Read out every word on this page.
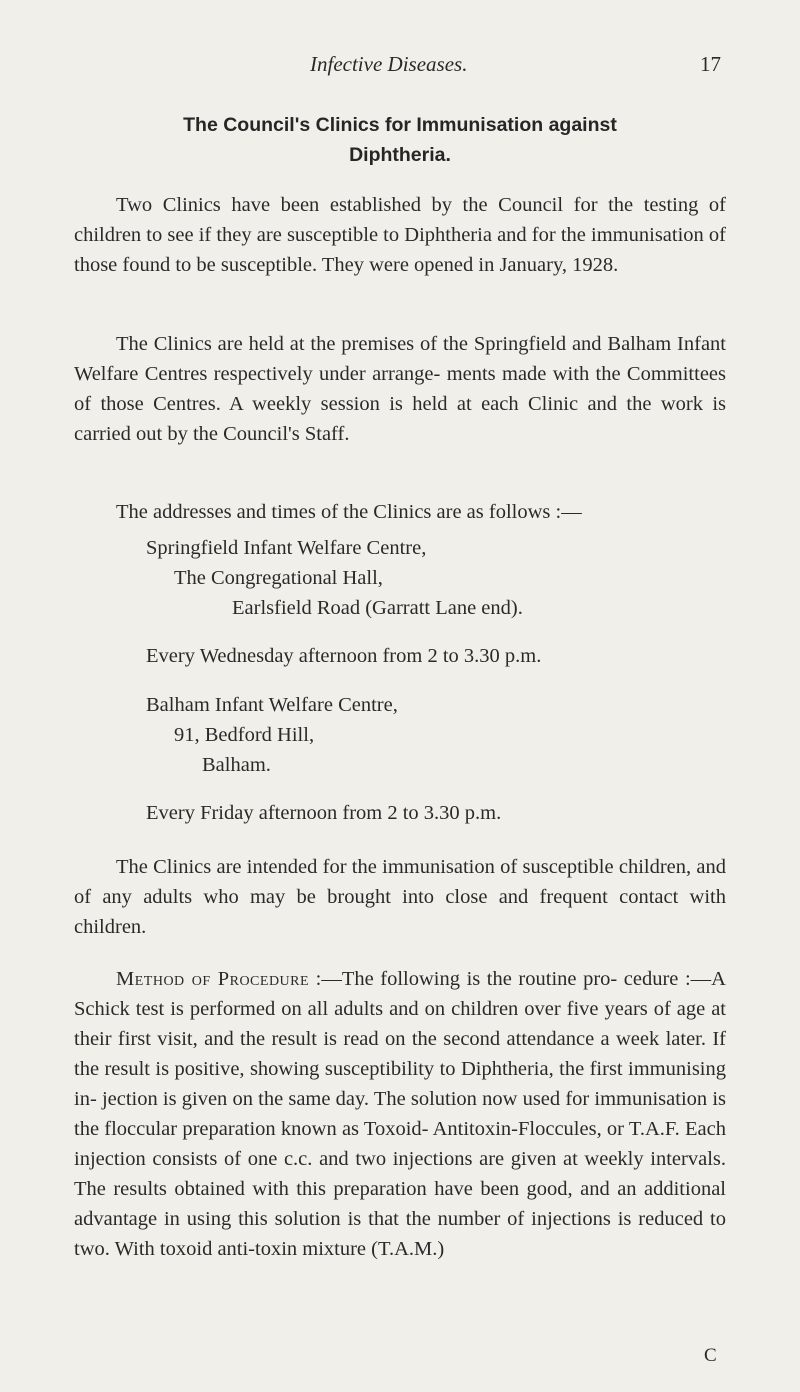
Infective Diseases.	17
The Council's Clinics for Immunisation against
Diphtheria.

Two Clinics have been established by the Council for the testing of children to see if they are susceptible to Diphtheria and for the immunisation of those found to be susceptible. They were opened in January, 1928.

The Clinics are held at the premises of the Springfield and Balham Infant Welfare Centres respectively under arrange- ments made with the Committees of those Centres. A weekly session is held at each Clinic and the work is carried out by the Council's Staff.

The addresses and times of the Clinics are as follows :—

Springfield Infant Welfare Centre,
The Congregational Hall,
Earlsfield Road (Garratt Lane end).
Every Wednesday afternoon from 2 to 3.30 p.m.
Balham Infant Welfare Centre,
91, Bedford Hill,
Balham.
Every Friday afternoon from 2 to 3.30 p.m.

The Clinics are intended for the immunisation of susceptible children, and of any adults who may be brought into close and frequent contact with children.

Method of Procedure :—The following is the routine pro- cedure :—A Schick test is performed on all adults and on children over five years of age at their first visit, and the result is read on the second attendance a week later. If the result is positive, showing susceptibility to Diphtheria, the first immunising in- jection is given on the same day. The solution now used for immunisation is the floccular preparation known as Toxoid- Antitoxin-Floccules, or T.A.F. Each injection consists of one c.c. and two injections are given at weekly intervals. The results obtained with this preparation have been good, and an additional advantage in using this solution is that the number of injections is reduced to two. With toxoid anti-toxin mixture (T.A.M.)

C
